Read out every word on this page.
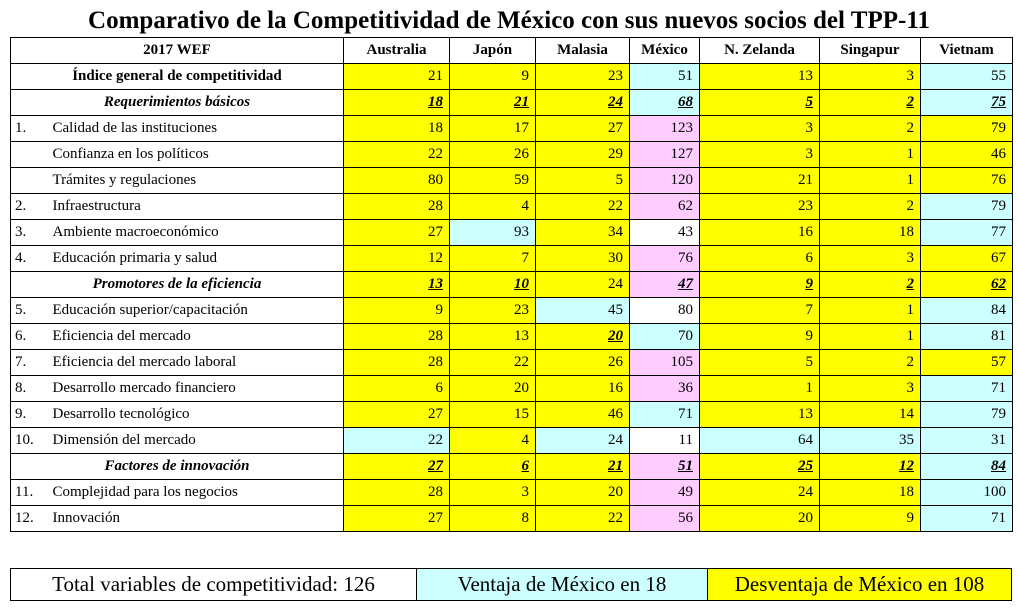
Comparativo de la Competitividad de México con sus nuevos socios del TPP-11
2017 WEF		Australia	Japón	Malasia	México	N. Zelanda	Singapur	Vietnam
Índice general de competitividad		21	9	23	51	13	3	55
Requerimientos básicos		18	21	24	68	5	2	75
1.	Calidad de las instituciones	18	17	27	123	3	2	79
	Confianza en los políticos	22	26	29	127	3	1	46
	Trámites y regulaciones	80	59	5	120	21	1	76
2.	Infraestructura	28	4	22	62	23	2	79
3.	Ambiente macroeconómico	27	93	34	43	16	18	77
4.	Educación primaria y salud	12	7	30	76	6	3	67
Promotores de la eficiencia		13	10	24	47	9	2	62
5.	Educación superior/capacitación	9	23	45	80	7	1	84
6.	Eficiencia del mercado	28	13	20	70	9	1	81
7.	Eficiencia del mercado laboral	28	22	26	105	5	2	57
8.	Desarrollo mercado financiero	6	20	16	36	1	3	71
9.	Desarrollo tecnológico	27	15	46	71	13	14	79
10.	Dimensión del mercado	22	4	24	11	64	35	31
Factores de innovación		27	6	21	51	25	12	84
11.	Complejidad para los negocios	28	3	20	49	24	18	100
12.	Innovación	27	8	22	56	20	9	71
Total variables de competitividad: 126	Ventaja de México en 18	Desventaja de México en 108
